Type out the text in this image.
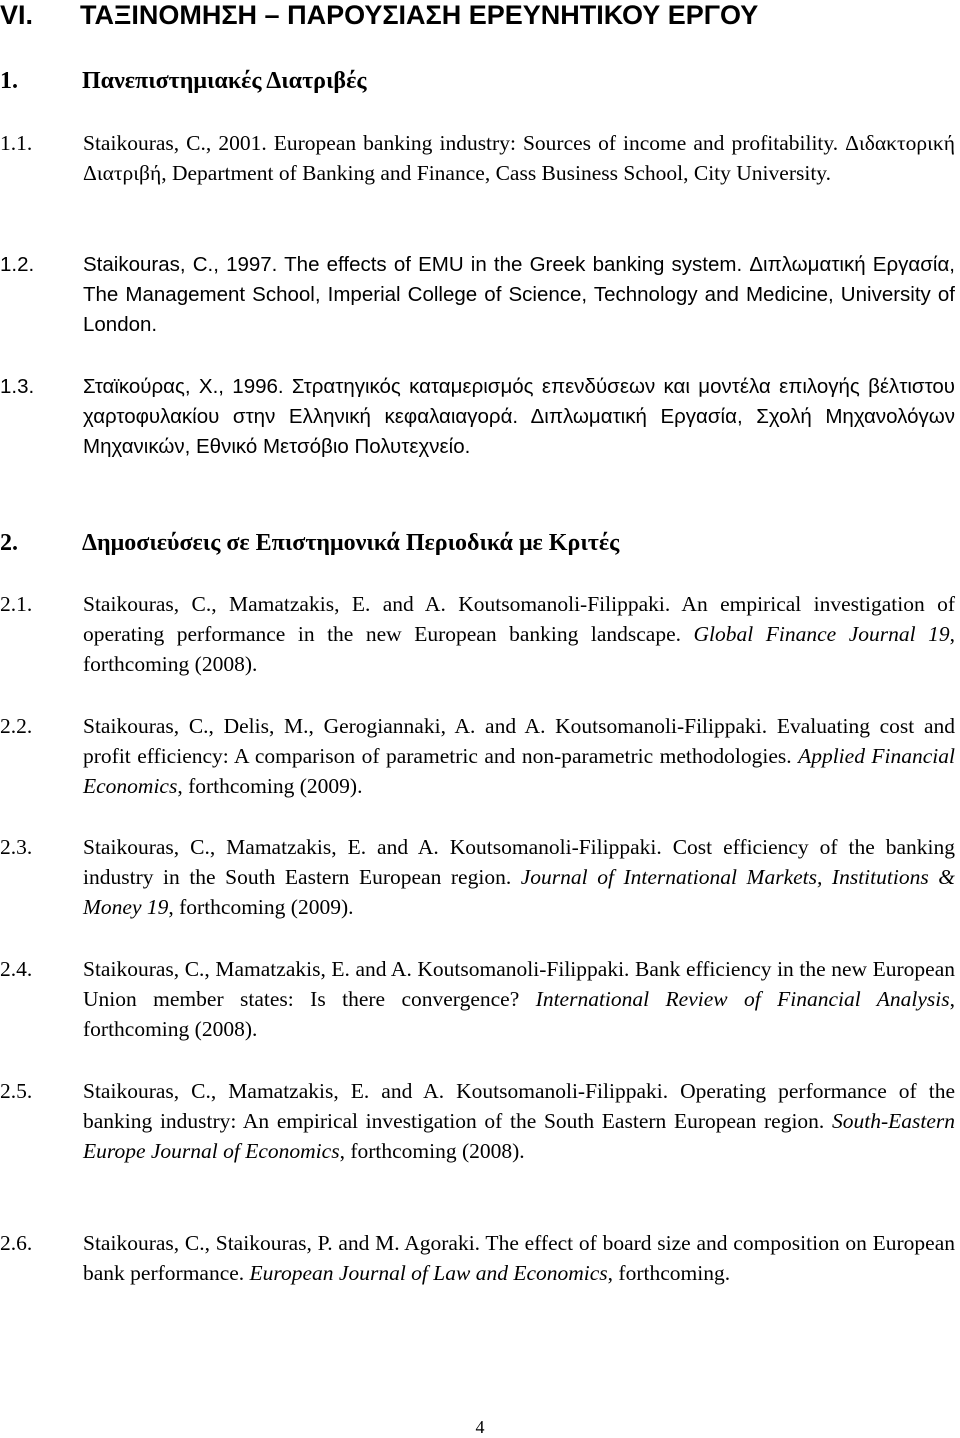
VI. ΤΑΞΙΝΟΜΗΣΗ – ΠΑΡΟΥΣΙΑΣΗ ΕΡΕΥΝΗΤΙΚΟΥ ΕΡΓΟΥ
1.	Πανεπιστημιακές Διατριβές
1.1. Staikouras, C., 2001. European banking industry: Sources of income and profitability. Διδακτορική Διατριβή, Department of Banking and Finance, Cass Business School, City University.
1.2. Staikouras, C., 1997. The effects of EMU in the Greek banking system. Διπλωματική Εργασία, The Management School, Imperial College of Science, Technology and Medicine, University of London.
1.3. Σταϊκούρας, Χ., 1996. Στρατηγικός καταμερισμός επενδύσεων και μοντέλα επιλογής βέλτιστου χαρτοφυλακίου στην Ελληνική κεφαλαιαγορά. Διπλωματική Εργασία, Σχολή Μηχανολόγων Μηχανικών, Εθνικό Μετσόβιο Πολυτεχνείο.
2.	Δημοσιεύσεις σε Επιστημονικά Περιοδικά με Κριτές
2.1. Staikouras, C., Mamatzakis, E. and A. Koutsomanoli-Filippaki. An empirical investigation of operating performance in the new European banking landscape. Global Finance Journal 19, forthcoming (2008).
2.2. Staikouras, C., Delis, M., Gerogiannaki, A. and A. Koutsomanoli-Filippaki. Evaluating cost and profit efficiency: A comparison of parametric and non-parametric methodologies. Applied Financial Economics, forthcoming (2009).
2.3. Staikouras, C., Mamatzakis, E. and A. Koutsomanoli-Filippaki. Cost efficiency of the banking industry in the South Eastern European region. Journal of International Markets, Institutions & Money 19, forthcoming (2009).
2.4. Staikouras, C., Mamatzakis, E. and A. Koutsomanoli-Filippaki. Bank efficiency in the new European Union member states: Is there convergence? International Review of Financial Analysis, forthcoming (2008).
2.5. Staikouras, C., Mamatzakis, E. and A. Koutsomanoli-Filippaki. Operating performance of the banking industry: An empirical investigation of the South Eastern European region. South-Eastern Europe Journal of Economics, forthcoming (2008).
2.6. Staikouras, C., Staikouras, P. and M. Agoraki. The effect of board size and composition on European bank performance. European Journal of Law and Economics, forthcoming.
4
